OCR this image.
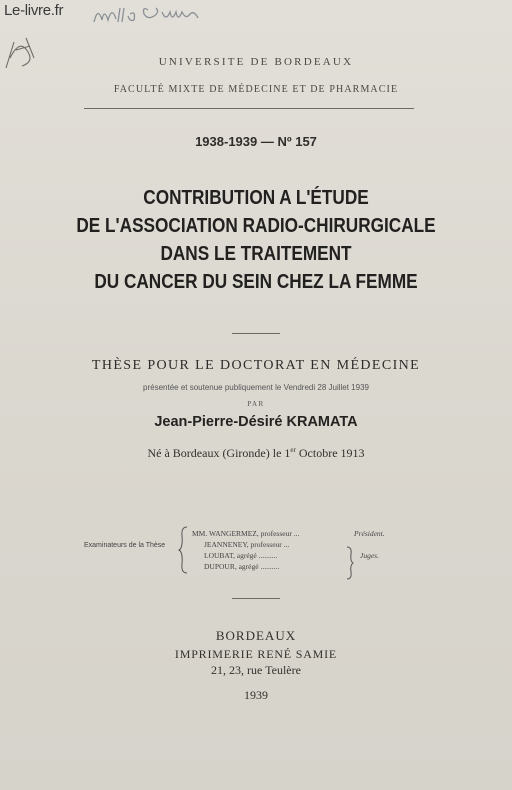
Le-livre.fr
UNIVERSITE DE BORDEAUX
FACULTÉ MIXTE DE MÉDECINE ET DE PHARMACIE
1938-1939 — Nº 157
CONTRIBUTION A L'ÉTUDE
DE L'ASSOCIATION RADIO-CHIRURGICALE
DANS LE TRAITEMENT
DU CANCER DU SEIN CHEZ LA FEMME
THÈSE POUR LE DOCTORAT EN MÉDECINE
présentée et soutenue publiquement le Vendredi 28 Juillet 1939
PAR
Jean-Pierre-Désiré KRAMATA
Né à Bordeaux (Gironde) le 1er Octobre 1913
Examinateurs de la Thèse
MM. WANGERMEZ, professeur ...	Président.
JEANNENEY, professeur ...
LOUBAT, agrégé ..........	Juges.
DUPOUR, agrégé ..........
BORDEAUX
IMPRIMERIE RENÉ SAMIE
21, 23, rue Teulère
1939
